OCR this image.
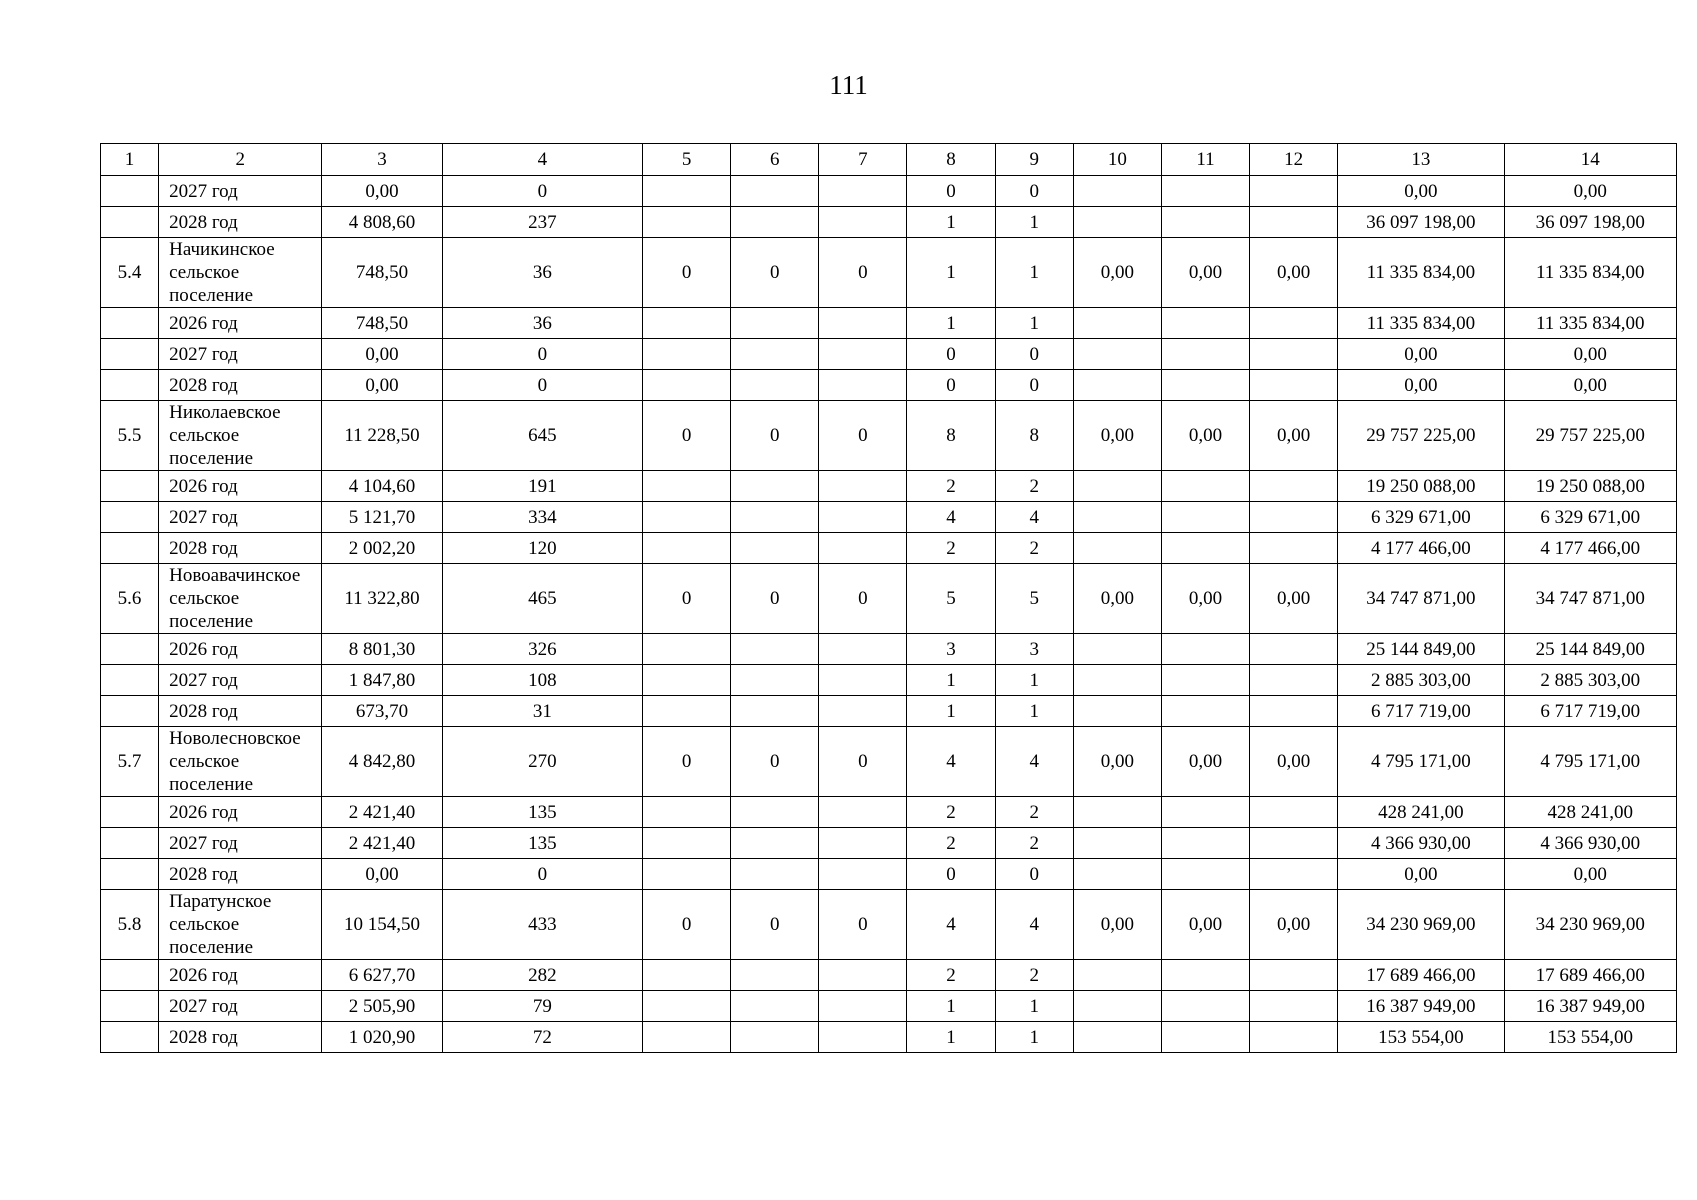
111
1	2	3	4	5	6	7	8	9	10	11	12	13	14
	2027 год	0,00	0				0	0				0,00	0,00
	2028 год	4 808,60	237				1	1				36 097 198,00	36 097 198,00
5.4	Начикинское сельское поселение	748,50	36	0	0	0	1	1	0,00	0,00	0,00	11 335 834,00	11 335 834,00
	2026 год	748,50	36				1	1				11 335 834,00	11 335 834,00
	2027 год	0,00	0				0	0				0,00	0,00
	2028 год	0,00	0				0	0				0,00	0,00
5.5	Николаевское сельское поселение	11 228,50	645	0	0	0	8	8	0,00	0,00	0,00	29 757 225,00	29 757 225,00
	2026 год	4 104,60	191				2	2				19 250 088,00	19 250 088,00
	2027 год	5 121,70	334				4	4				6 329 671,00	6 329 671,00
	2028 год	2 002,20	120				2	2				4 177 466,00	4 177 466,00
5.6	Новоавачинское сельское поселение	11 322,80	465	0	0	0	5	5	0,00	0,00	0,00	34 747 871,00	34 747 871,00
	2026 год	8 801,30	326				3	3				25 144 849,00	25 144 849,00
	2027 год	1 847,80	108				1	1				2 885 303,00	2 885 303,00
	2028 год	673,70	31				1	1				6 717 719,00	6 717 719,00
5.7	Новолесновское сельское поселение	4 842,80	270	0	0	0	4	4	0,00	0,00	0,00	4 795 171,00	4 795 171,00
	2026 год	2 421,40	135				2	2				428 241,00	428 241,00
	2027 год	2 421,40	135				2	2				4 366 930,00	4 366 930,00
	2028 год	0,00	0				0	0				0,00	0,00
5.8	Паратунское сельское поселение	10 154,50	433	0	0	0	4	4	0,00	0,00	0,00	34 230 969,00	34 230 969,00
	2026 год	6 627,70	282				2	2				17 689 466,00	17 689 466,00
	2027 год	2 505,90	79				1	1				16 387 949,00	16 387 949,00
	2028 год	1 020,90	72				1	1				153 554,00	153 554,00
